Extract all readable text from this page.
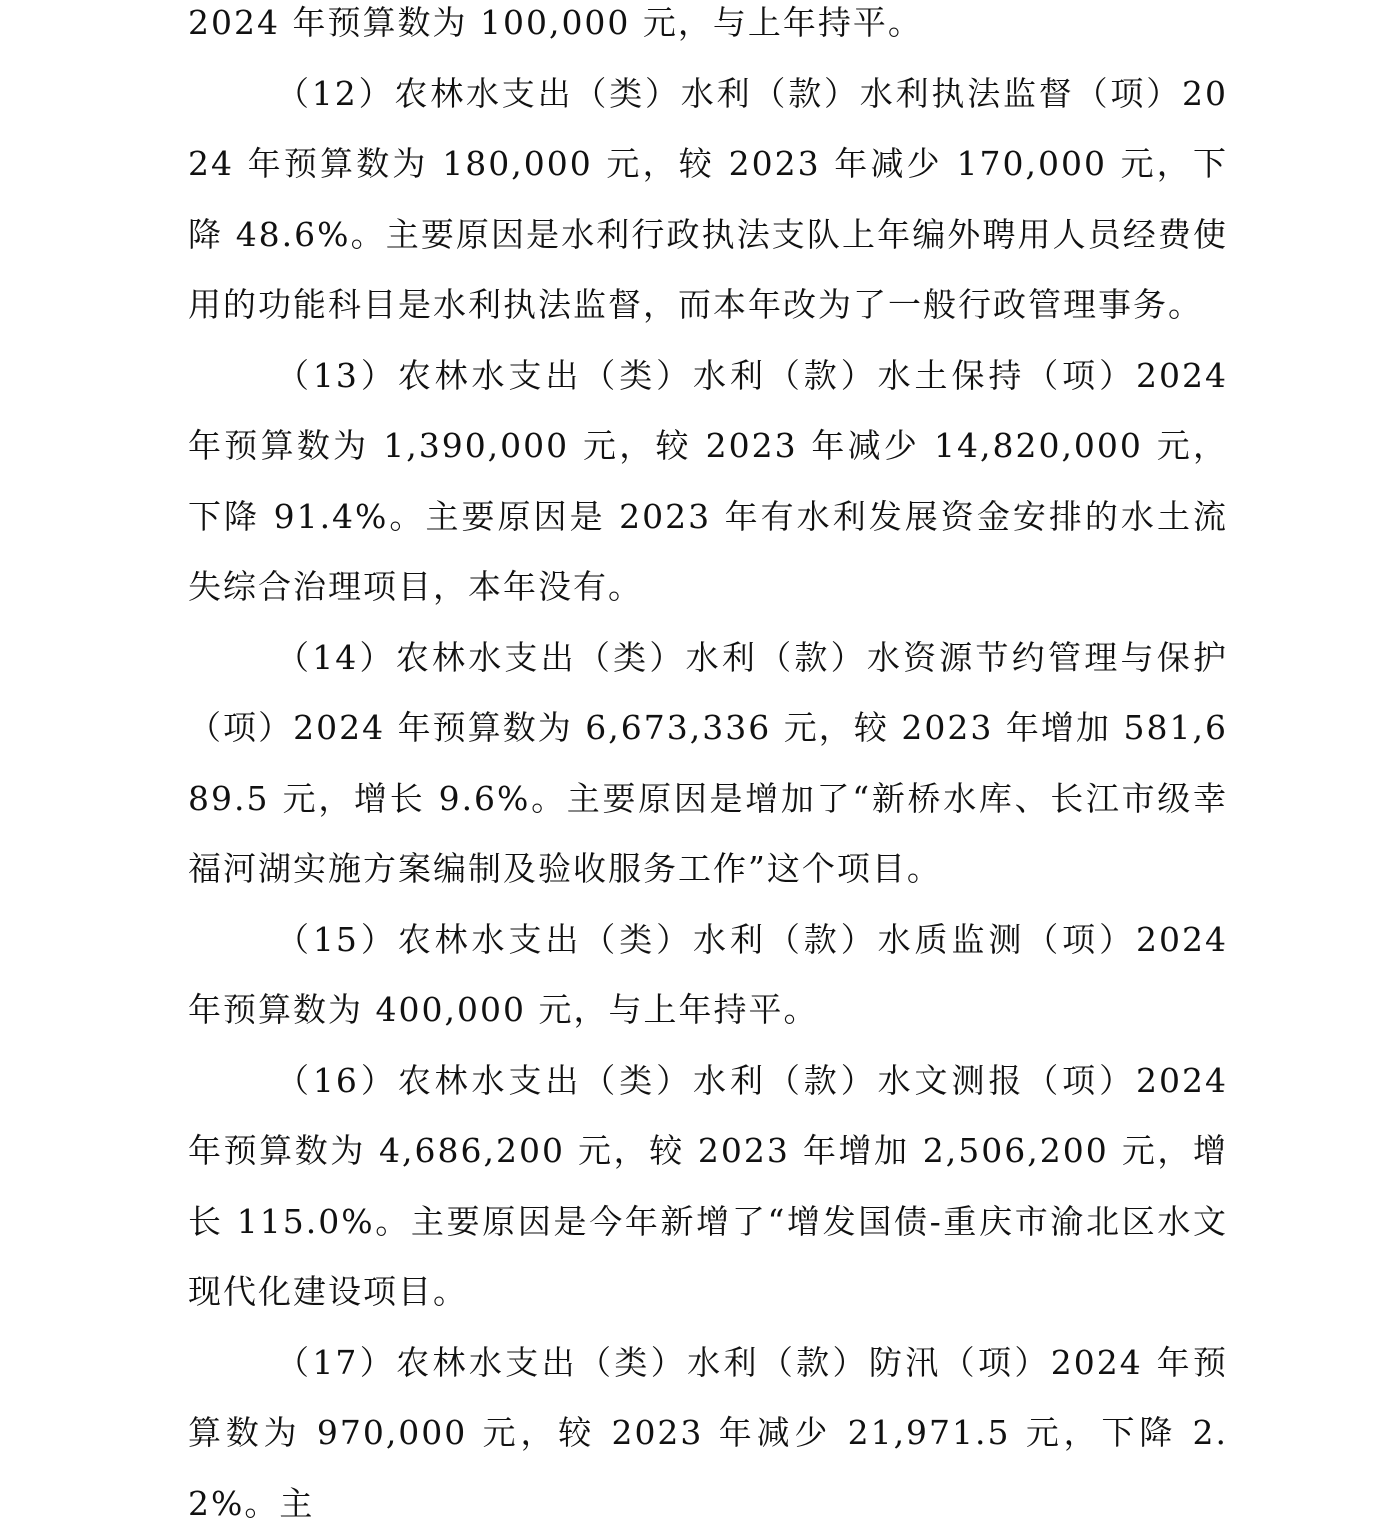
2024 年预算数为 100,000 元，与上年持平。

（12）农林水支出（类）水利（款）水利执法监督（项）2024 年预算数为 180,000 元，较 2023 年减少 170,000 元，下降 48.6%。主要原因是水利行政执法支队上年编外聘用人员经费使用的功能科目是水利执法监督，而本年改为了一般行政管理事务。

（13）农林水支出（类）水利（款）水土保持（项）2024 年预算数为 1,390,000 元，较 2023 年减少 14,820,000 元，下降 91.4%。主要原因是 2023 年有水利发展资金安排的水土流失综合治理项目，本年没有。

（14）农林水支出（类）水利（款）水资源节约管理与保护（项）2024 年预算数为 6,673,336 元，较 2023 年增加 581,689.5 元，增长 9.6%。主要原因是增加了“新桥水库、长江市级幸福河湖实施方案编制及验收服务工作”这个项目。

（15）农林水支出（类）水利（款）水质监测（项）2024 年预算数为 400,000 元，与上年持平。

（16）农林水支出（类）水利（款）水文测报（项）2024 年预算数为 4,686,200 元，较 2023 年增加 2,506,200 元，增长 115.0%。主要原因是今年新增了“增发国债-重庆市渝北区水文现代化建设项目。

（17）农林水支出（类）水利（款）防汛（项）2024 年预算数为 970,000 元，较 2023 年减少 21,971.5 元，下降 2.2%。主
